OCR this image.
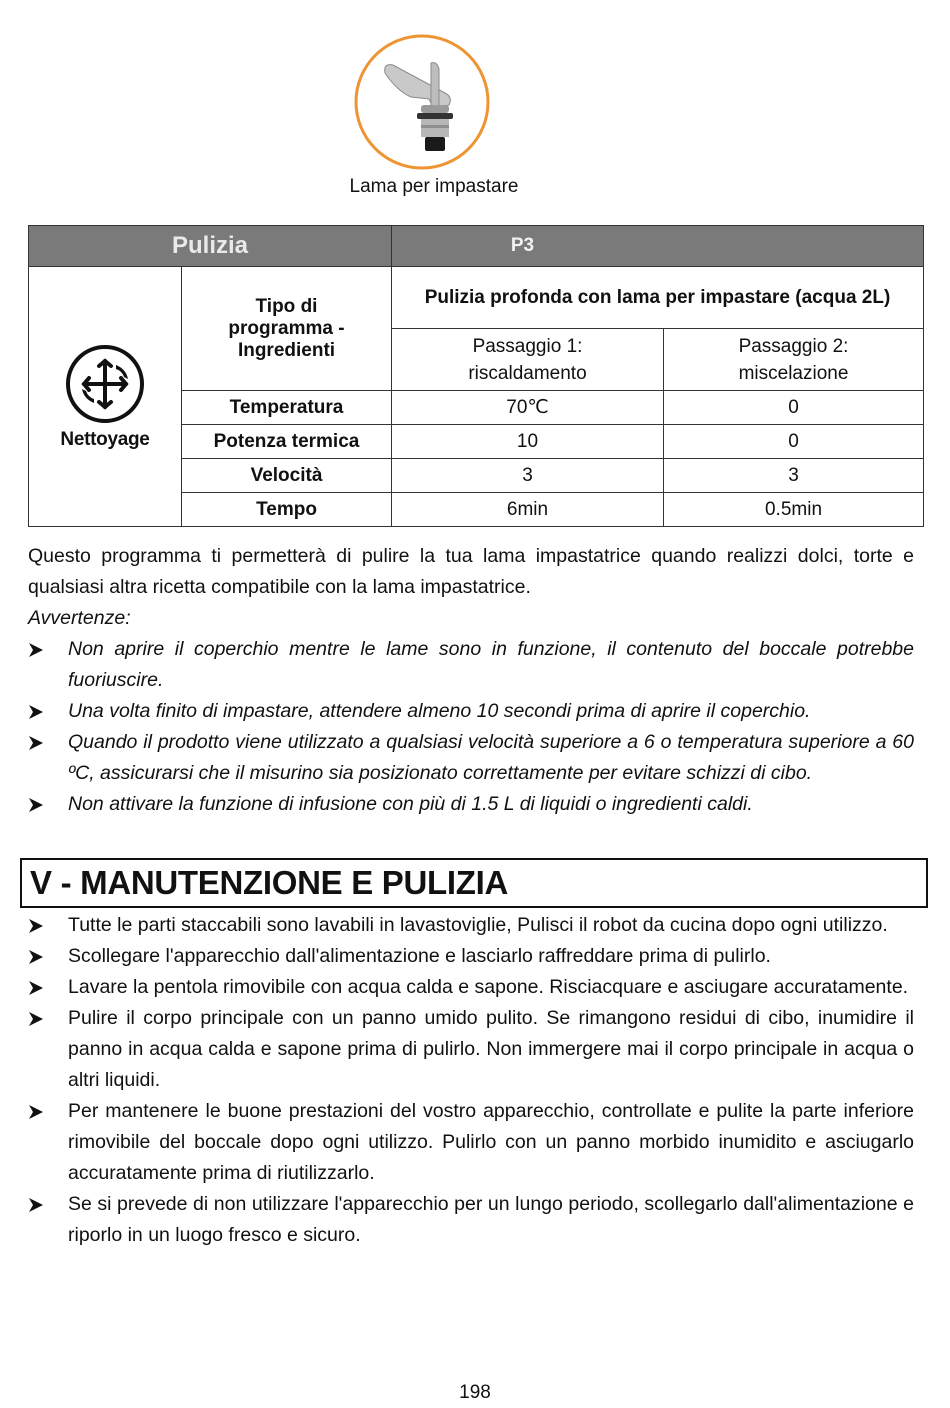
Lama per impastare
Pulizia		P3	

Nettoyage	Tipo di programma - Ingredienti	Pulizia profonda con lama per impastare (acqua 2L)	
		Passaggio 1: riscaldamento	Passaggio 2: miscelazione
	Temperatura	70℃	0
	Potenza termica	10	0
	Velocità	3	3
	Tempo	6min	0.5min

Questo programma ti permetterà di pulire la tua lama impastatrice quando realizzi dolci, torte e qualsiasi altra ricetta compatibile con la lama impastatrice.

Avvertenze:

Non aprire il coperchio mentre le lame sono in funzione, il contenuto del boccale potrebbe fuoriuscire.
Una volta finito di impastare, attendere almeno 10 secondi prima di aprire il coperchio.
Quando il prodotto viene utilizzato a qualsiasi velocità superiore a 6 o temperatura superiore a 60 ºC, assicurarsi che il misurino sia posizionato correttamente per evitare schizzi di cibo.
Non attivare la funzione di infusione con più di 1.5 L di liquidi o ingredienti caldi.
V - MANUTENZIONE E PULIZIA
Tutte le parti staccabili sono lavabili in lavastoviglie, Pulisci il robot da cucina dopo ogni utilizzo.
Scollegare l'apparecchio dall'alimentazione e lasciarlo raffreddare prima di pulirlo.
Lavare la pentola rimovibile con acqua calda e sapone. Risciacquare e asciugare accuratamente.
Pulire il corpo principale con un panno umido pulito. Se rimangono residui di cibo, inumidire il panno in acqua calda e sapone prima di pulirlo. Non immergere mai il corpo principale in acqua o altri liquidi.
Per mantenere le buone prestazioni del vostro apparecchio, controllate e pulite la parte inferiore rimovibile del boccale dopo ogni utilizzo. Pulirlo con un panno morbido inumidito e asciugarlo accuratamente prima di riutilizzarlo.
Se si prevede di non utilizzare l'apparecchio per un lungo periodo, scollegarlo dall'alimentazione e riporlo in un luogo fresco e sicuro.
198
